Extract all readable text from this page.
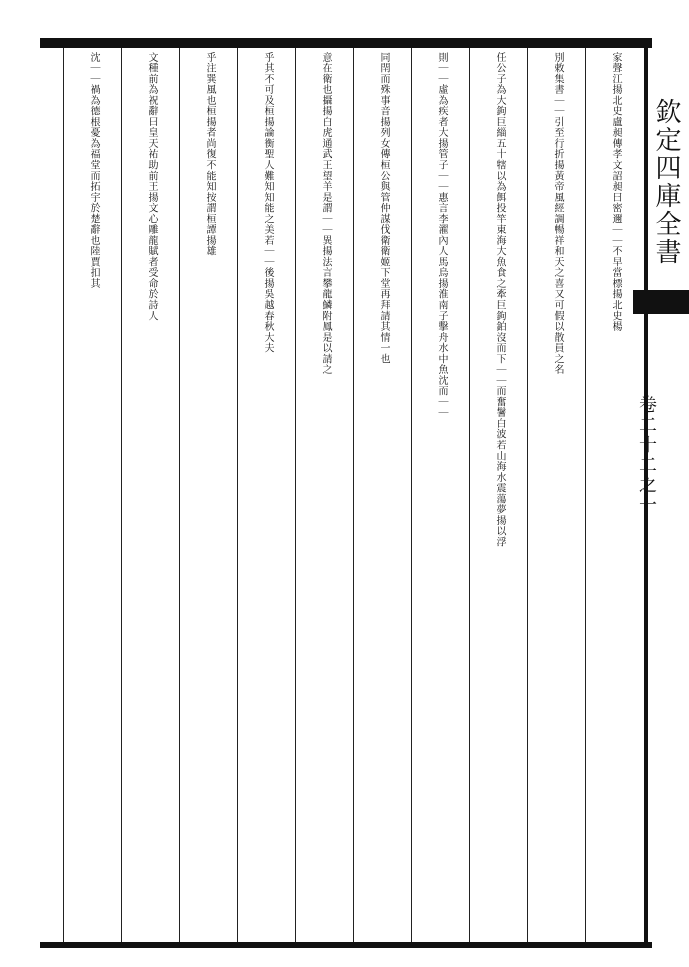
欽定四庫全書
卷二十二之一
家聲江揚北史盧昶傳孝文詔昶曰密邇｜｜不早當標揚北史楊
別敕集書｜｜引至行折揚黃帝風經調暢祥和天之喜又可假以散員之名
任公子為大鉤巨緇五十犗以為餌投竿東海大魚食之牽巨鉤鉑沒而下｜｜而奮鬐白波若山海水震蕩夢揚以浮
則｜｜虛為疾者大揚管子｜｜惠言李濯內人馬烏揚淮南子擊舟水中魚沈而｜｜
同閈而殊事音揚列女傳桓公與管仲謀伐衛衛姬下堂再拜請其情一也
意在衛也攝揚白虎通武王望羊是謂｜｜異揚法言攀龍鱗附鳳是以請之
乎其不可及桓揚論衡聖人難知知能之美若｜｜後揚吳越春秋大夫
乎注巽風也桓揚者尚復不能知按謂桓譚揚雄
文種前為祝辭曰皇天祐助前王揚文心雕龍賦者受命於詩人
沈｜｜禍為德根憂為福堂而拓宇於楚辭也陸賈扣其
